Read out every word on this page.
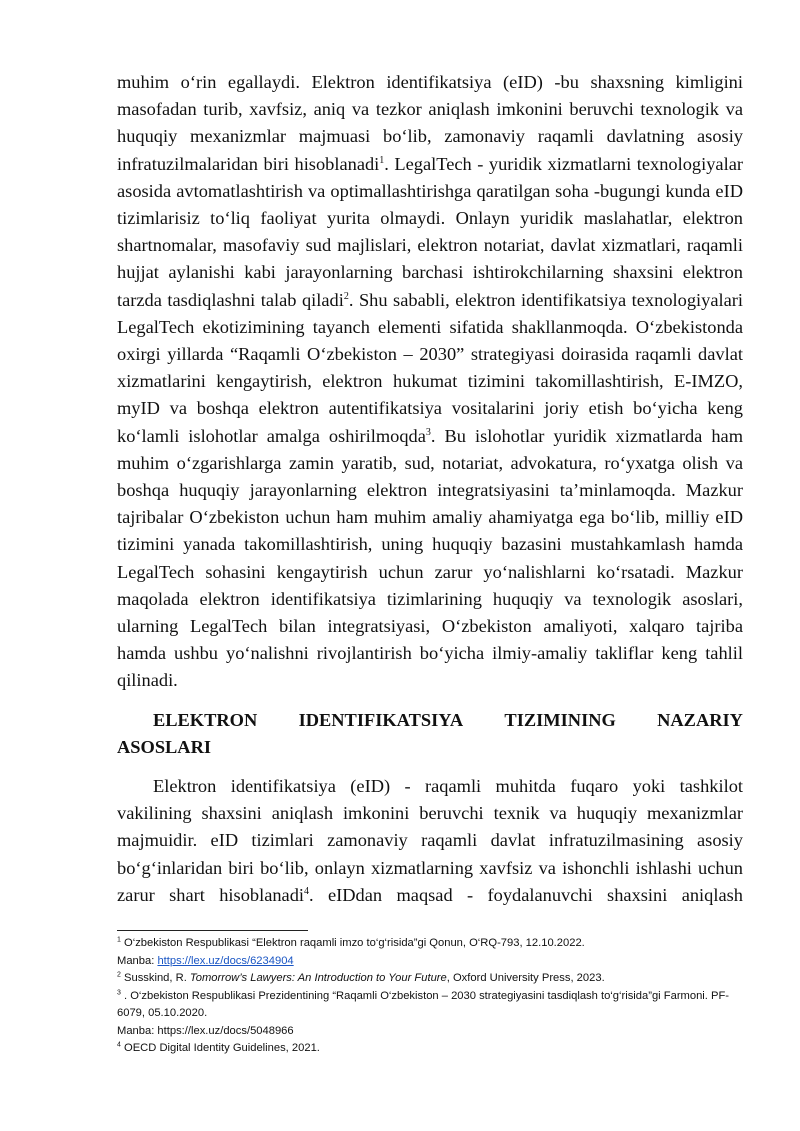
muhim o‘rin egallaydi. Elektron identifikatsiya (eID) -bu shaxsning kimligini masofadan turib, xavfsiz, aniq va tezkor aniqlash imkonini beruvchi texnologik va huquqiy mexanizmlar majmuasi bo‘lib, zamonaviy raqamli davlatning asosiy infratuzilmalaridan biri hisoblanadi$^1$. LegalTech - yuridik xizmatlarni texnologiyalar asosida avtomatlashtirish va optimallashtirishga qaratilgan soha -bugungi kunda eID tizimlarisiz to‘liq faoliyat yurita olmaydi. Onlayn yuridik maslahatlar, elektron shartnomalar, masofaviy sud majlislari, elektron notariat, davlat xizmatlari, raqamli hujjat aylanishi kabi jarayonlarning barchasi ishtirokchilarning shaxsini elektron tarzda tasdiqlashni talab qiladi$^2$. Shu sababli, elektron identifikatsiya texnologiyalari LegalTech ekotizimining tayanch elementi sifatida shakllanmoqda. O‘zbekistonda oxirgi yillarda “Raqamli O‘zbekiston – 2030” strategiyasi doirasida raqamli davlat xizmatlarini kengaytirish, elektron hukumat tizimini takomillashtirish, E-IMZO, myID va boshqa elektron autentifikatsiya vositalarini joriy etish bo‘yicha keng ko‘lamli islohotlar amalga oshirilmoqda$^3$. Bu islohotlar yuridik xizmatlarda ham muhim o‘zgarishlarga zamin yaratib, sud, notariat, advokatura, ro‘yxatga olish va boshqa huquqiy jarayonlarning elektron integratsiyasini ta’minlamoqda. Mazkur tajribalar O‘zbekiston uchun ham muhim amaliy ahamiyatga ega bo‘lib, milliy eID tizimini yanada takomillashtirish, uning huquqiy bazasini mustahkamlash hamda LegalTech sohasini kengaytirish uchun zarur yo‘nalishlarni ko‘rsatadi. Mazkur maqolada elektron identifikatsiya tizimlarining huquqiy va texnologik asoslari, ularning LegalTech bilan integratsiyasi, O‘zbekiston amaliyoti, xalqaro tajriba hamda ushbu yo‘nalishni rivojlantirish bo‘yicha ilmiy-amaliy takliflar keng tahlil qilinadi.

ELEKTRON IDENTIFIKATSIYA TIZIMINING NAZARIY
ASOSLARI

Elektron identifikatsiya (eID) - raqamli muhitda fuqaro yoki tashkilot vakilining shaxsini aniqlash imkonini beruvchi texnik va huquqiy mexanizmlar majmuidir. eID tizimlari zamonaviy raqamli davlat infratuzilmasining asosiy bo‘g‘inlaridan biri bo‘lib, onlayn xizmatlarning xavfsiz va ishonchli ishlashi uchun zarur shart hisoblanadi$^4$. eIDdan maqsad - foydalanuvchi shaxsini aniqlash

$^1$ O‘zbekiston Respublikasi “Elektron raqamli imzo to‘g‘risida”gi Qonun, O‘RQ-793, 12.10.2022.
Manba: https://lex.uz/docs/6234904

$^2$ Susskind, R. Tomorrow’s Lawyers: An Introduction to Your Future, Oxford University Press, 2023.

$^3$ . O‘zbekiston Respublikasi Prezidentining “Raqamli O‘zbekiston – 2030 strategiyasini tasdiqlash to‘g‘risida”gi Farmoni. PF-6079, 05.10.2020.
Manba: https://lex.uz/docs/5048966

$^4$ OECD Digital Identity Guidelines, 2021.
